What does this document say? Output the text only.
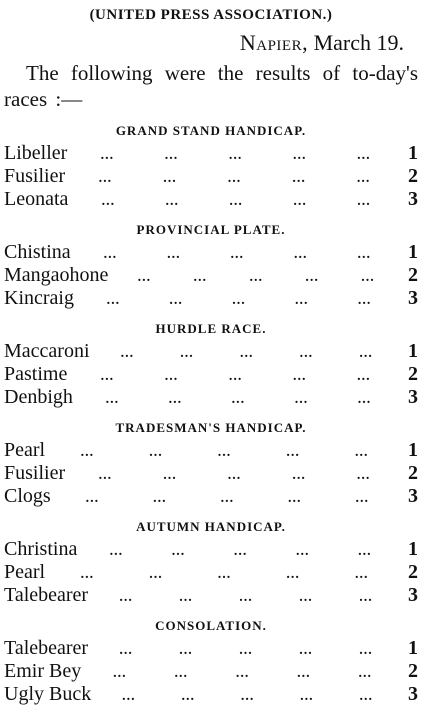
(UNITED PRESS ASSOCIATION.)
Napier, March 19.

The following were the results of to-day's races :—

GRAND STAND HANDICAP.
Libeller ...	...	...	...	...	1
Fusilier ...	...	...	...	...	2
Leonata ...	...	...	...	...	3
PROVINCIAL PLATE.
Chistina ...	...	...	...	...	1
Mangaohone ...	...	...	...	...	2
Kincraig ...	...	...	...	...	3
HURDLE RACE.
Maccaroni ...	...	...	...	...	1
Pastime ...	...	...	...	...	2
Denbigh ...	...	...	...	...	3
TRADESMAN'S HANDICAP.
Pearl	...	...	...	...	...	1
Fusilier ...	...	...	...	...	2
Clogs ...	...	...	...	...	3
AUTUMN HANDICAP.
Christina ...	...	...	...	...	1
Pearl	...	...	...	...	...	2
Talebearer ...	...	...	...	...	3
CONSOLATION.
Talebearer ...	...	...	...	...	1
Emir Bey ...	...	...	...	...	2
Ugly Buck ...	...	...	...	...	3
